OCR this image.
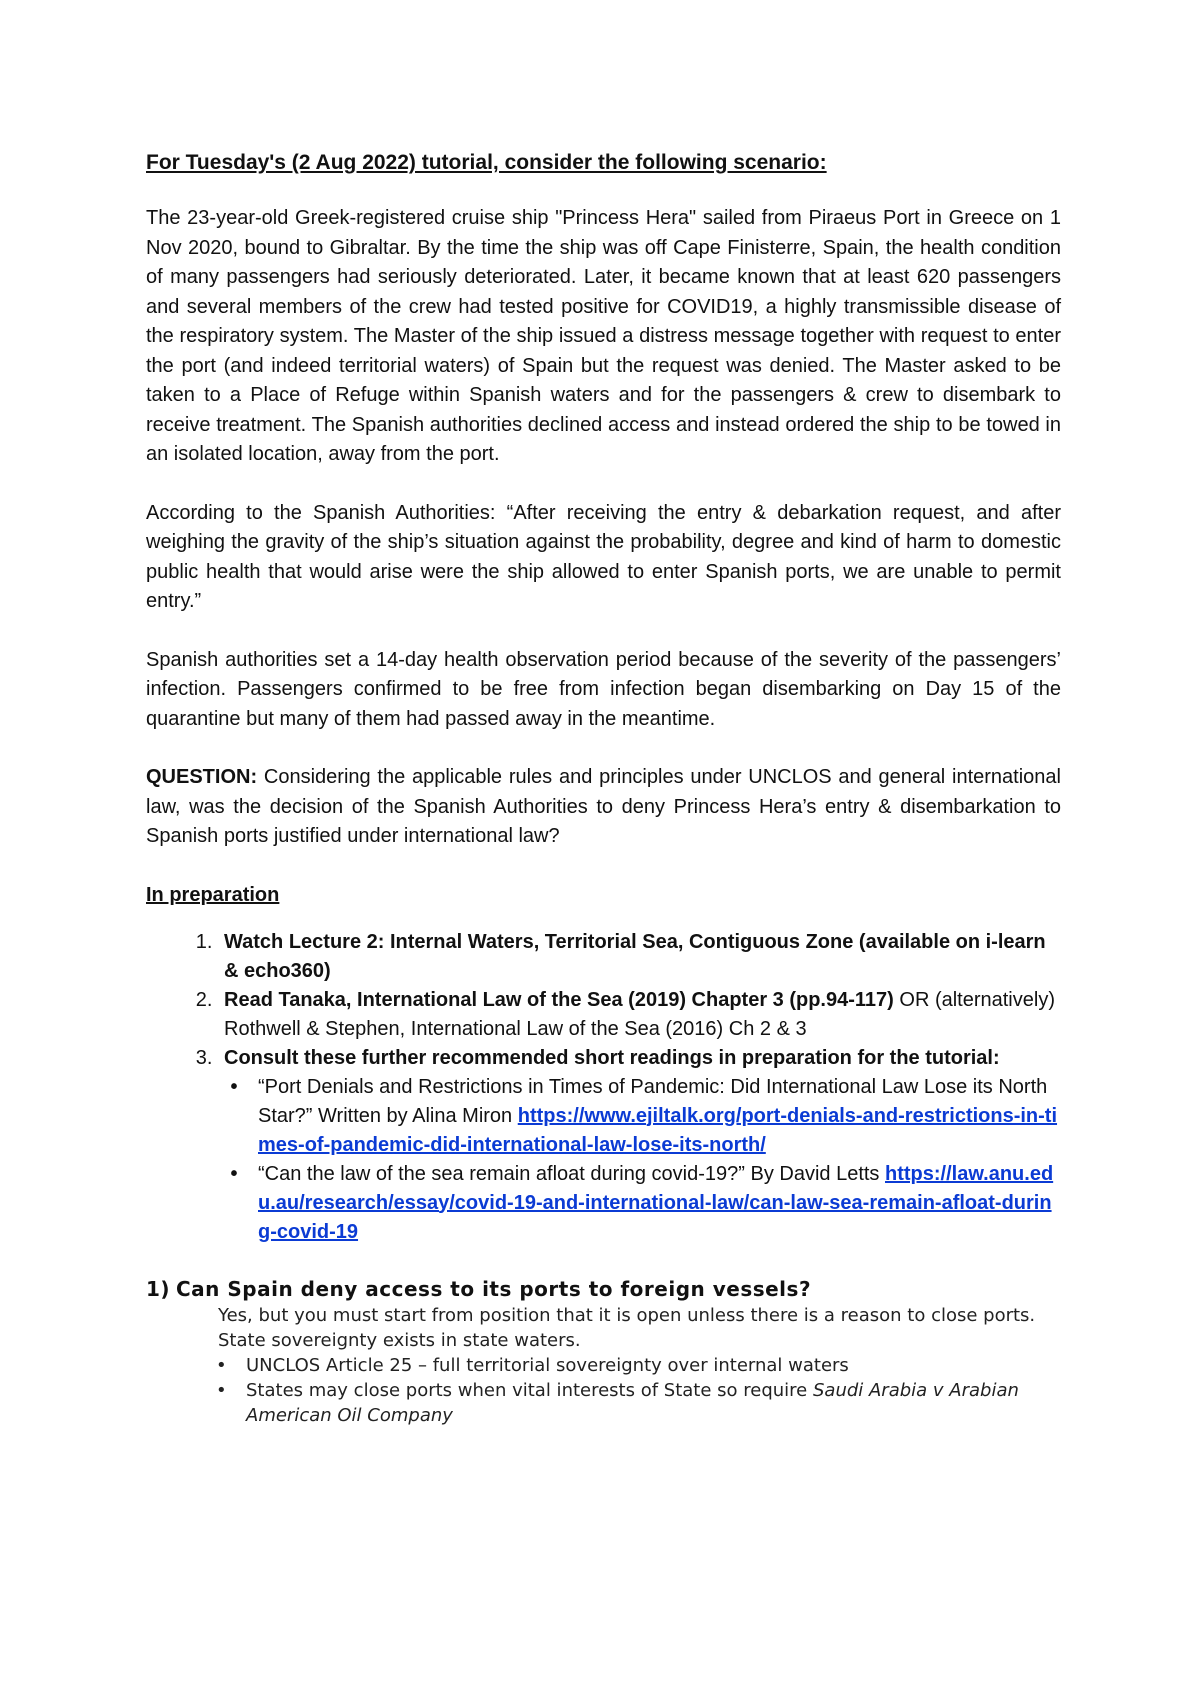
For Tuesday's (2 Aug 2022) tutorial, consider the following scenario:

The 23-year-old Greek-registered cruise ship "Princess Hera" sailed from Piraeus Port in Greece on 1 Nov 2020, bound to Gibraltar. By the time the ship was off Cape Finisterre, Spain, the health condition of many passengers had seriously deteriorated. Later, it became known that at least 620 passengers and several members of the crew had tested positive for COVID19, a highly transmissible disease of the respiratory system. The Master of the ship issued a distress message together with request to enter the port (and indeed territorial waters) of Spain but the request was denied. The Master asked to be taken to a Place of Refuge within Spanish waters and for the passengers & crew to disembark to receive treatment. The Spanish authorities declined access and instead ordered the ship to be towed in an isolated location, away from the port.

According to the Spanish Authorities: “After receiving the entry & debarkation request, and after weighing the gravity of the ship’s situation against the probability, degree and kind of harm to domestic public health that would arise were the ship allowed to enter Spanish ports, we are unable to permit entry.”

Spanish authorities set a 14-day health observation period because of the severity of the passengers’ infection. Passengers confirmed to be free from infection began disembarking on Day 15 of the quarantine but many of them had passed away in the meantime.

QUESTION: Considering the applicable rules and principles under UNCLOS and general international law, was the decision of the Spanish Authorities to deny Princess Hera’s entry & disembarkation to Spanish ports justified under international law?

In preparation
1. Watch Lecture 2: Internal Waters, Territorial Sea, Contiguous Zone (available on i-learn & echo360)
2. Read Tanaka, International Law of the Sea (2019) Chapter 3 (pp.94-117) OR (alternatively) Rothwell & Stephen, International Law of the Sea (2016) Ch 2 & 3
3. Consult these further recommended short readings in preparation for the tutorial:
•	“Port Denials and Restrictions in Times of Pandemic: Did International Law Lose its North Star?” Written by Alina Miron https://www.ejiltalk.org/port-denials-and-restrictions-in-times-of-pandemic-did-international-law-lose-its-north/
•	“Can the law of the sea remain afloat during covid-19?” By David Letts https://law.anu.edu.au/research/essay/covid-19-and-international-law/can-law-sea-remain-afloat-during-covid-19
1) Can Spain deny access to its ports to foreign vessels?
Yes, but you must start from position that it is open unless there is a reason to close ports. State sovereignty exists in state waters.
• UNCLOS Article 25 – full territorial sovereignty over internal waters
• States may close ports when vital interests of State so require Saudi Arabia v Arabian American Oil Company
